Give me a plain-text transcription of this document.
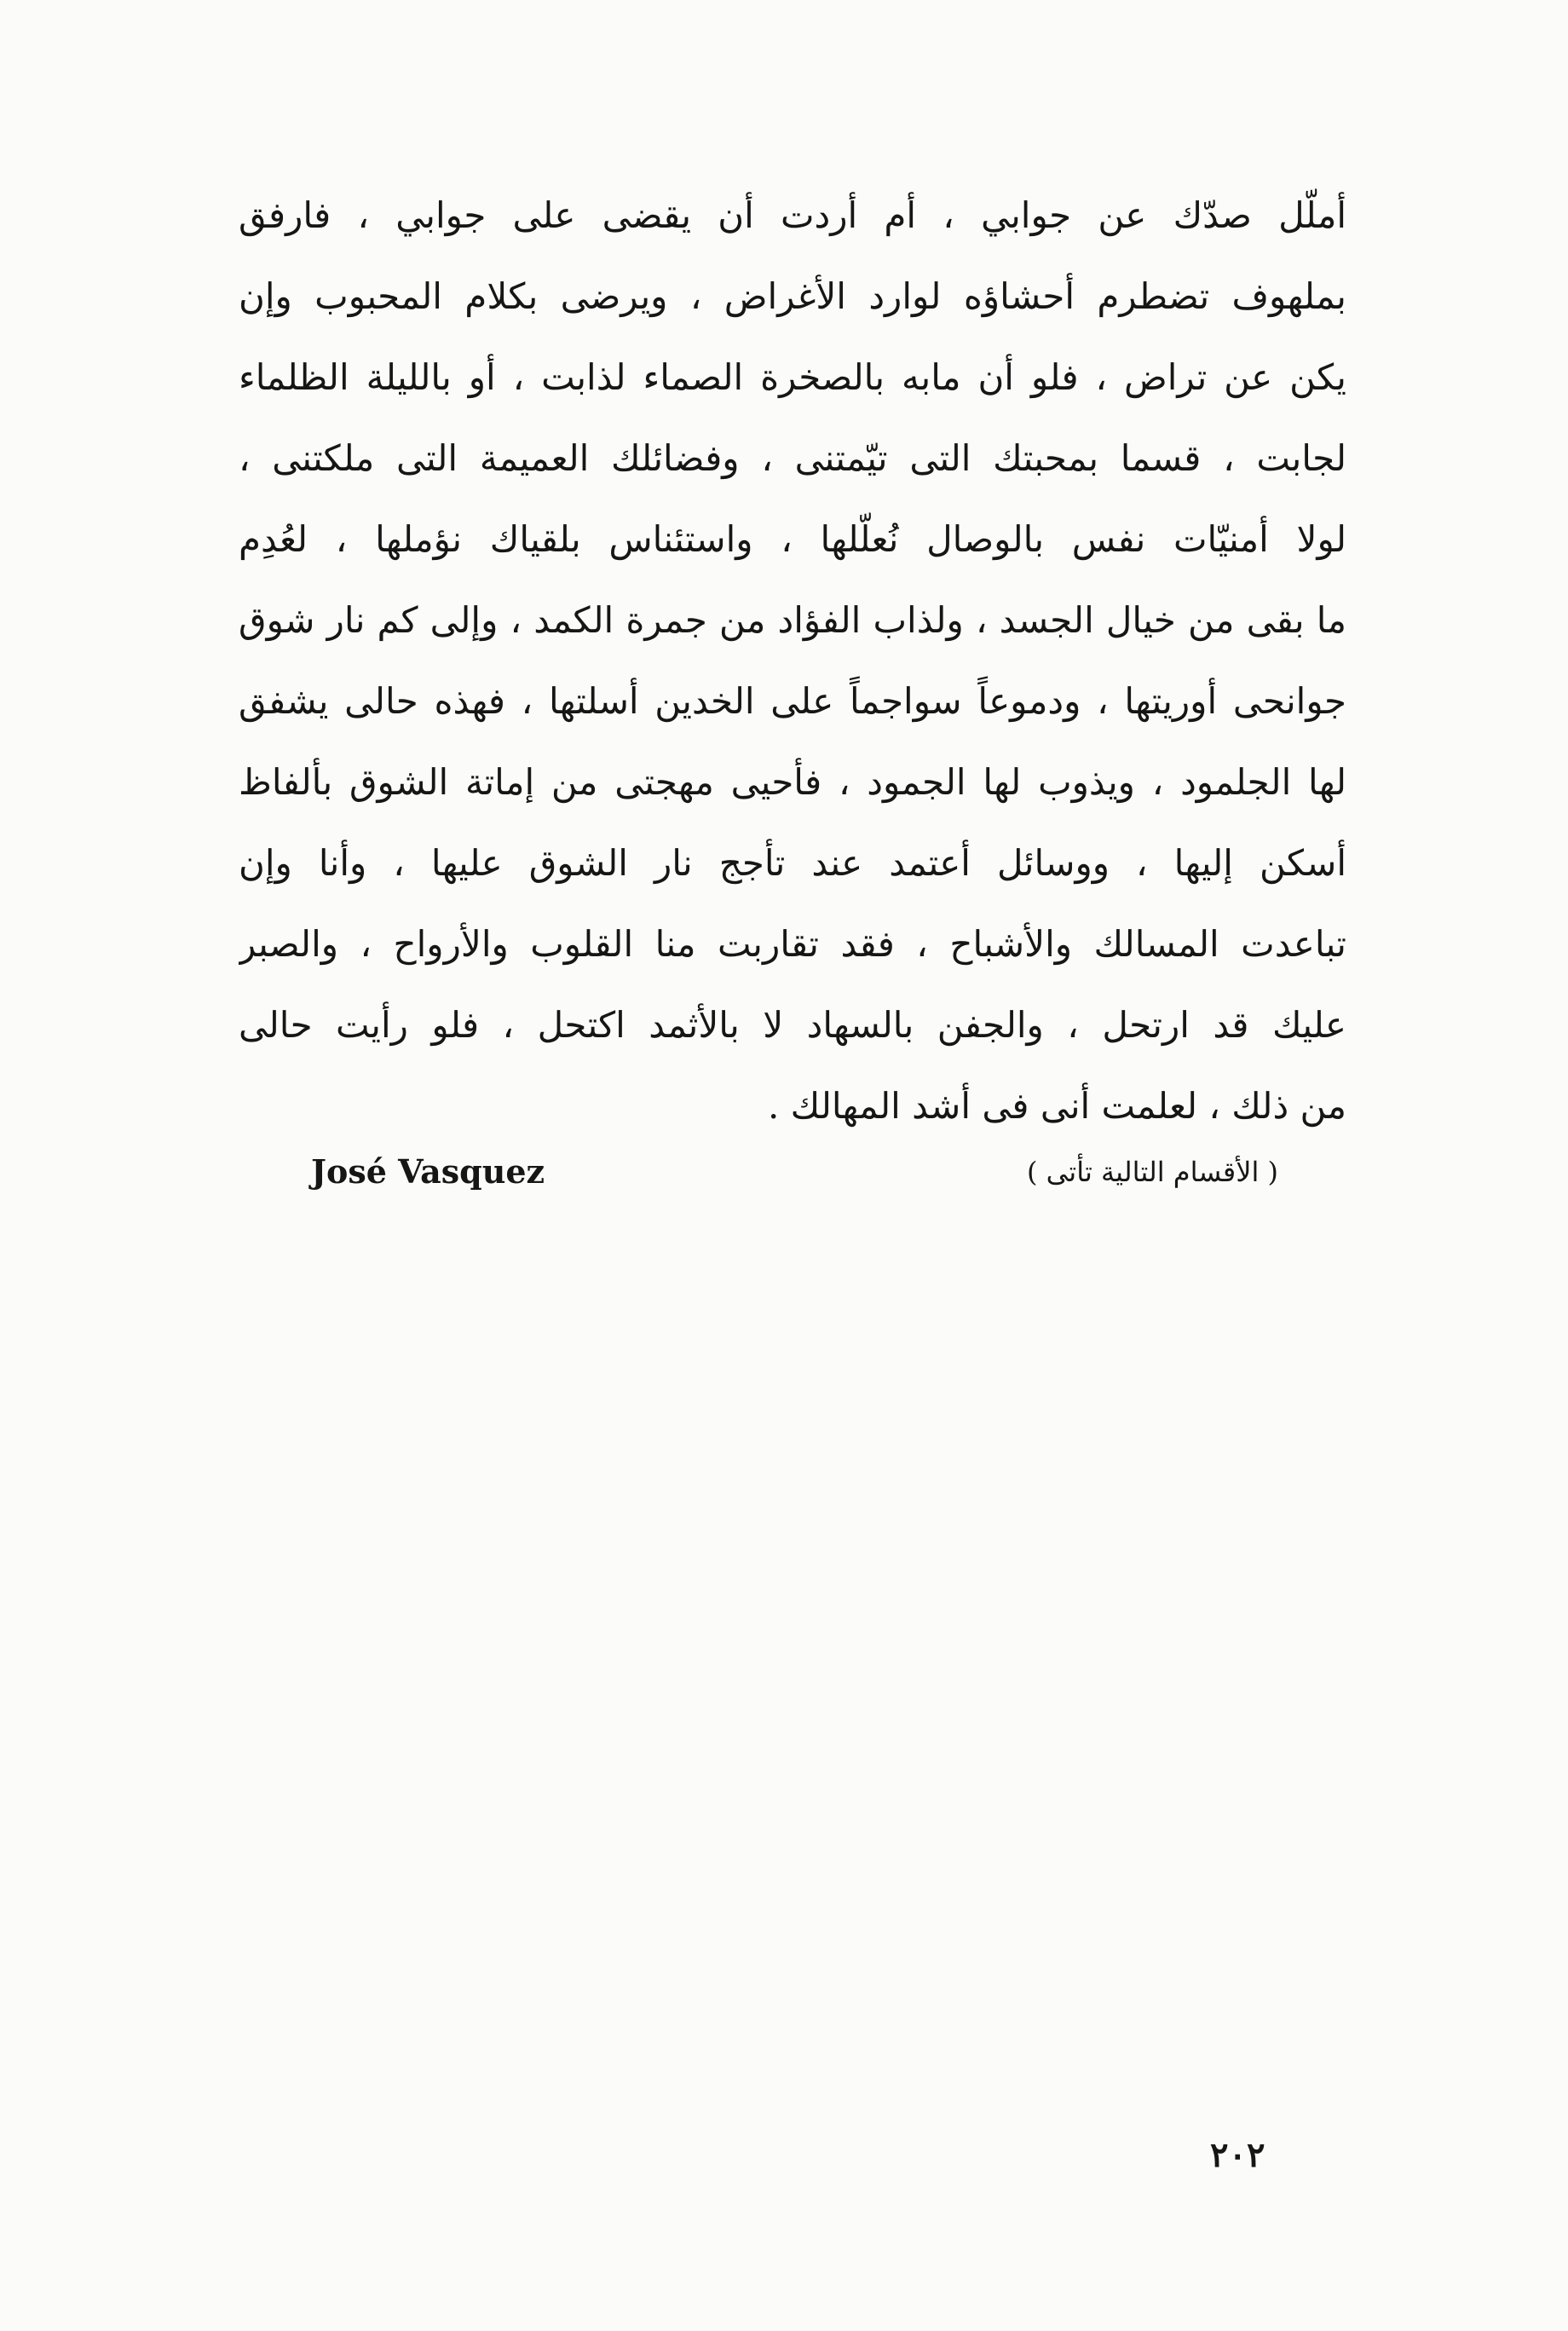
أملّل صدّك عن جوابي ، أم أردت أن يقضى على جوابي ، فارفق
بملهوف تضطرم أحشاؤه لوارد الأغراض ، ويرضى بكلام المحبوب وإن
يكن عن تراض ، فلو أن مابه بالصخرة الصماء لذابت ، أو بالليلة الظلماء
لجابت ، قسما بمحبتك التى تيّمتنى ، وفضائلك العميمة التى ملكتنى ،
لولا أمنيّات نفس بالوصال نُعلّلها ، واستئناس بلقياك نؤملها ، لعُدِم
ما بقى من خيال الجسد ، ولذاب الفؤاد من جمرة الكمد ، وإلى كم نار شوق
جوانحى أوريتها ، ودموعاً سواجماً على الخدين أسلتها ، فهذه حالى يشفق
لها الجلمود ، ويذوب لها الجمود ، فأحيى مهجتى من إماتة الشوق بألفاظ
أسكن إليها ، ووسائل أعتمد عند تأجج نار الشوق عليها ، وأنا وإن
تباعدت المسالك والأشباح ، فقد تقاربت منا القلوب والأرواح ، والصبر
عليك قد ارتحل ، والجفن بالسهاد لا بالأثمد اكتحل ، فلو رأيت حالى
من ذلك ، لعلمت أنى فى أشد المهالك .
José Vasquez	( الأقسام التالية تأتى )
٢٠٢
